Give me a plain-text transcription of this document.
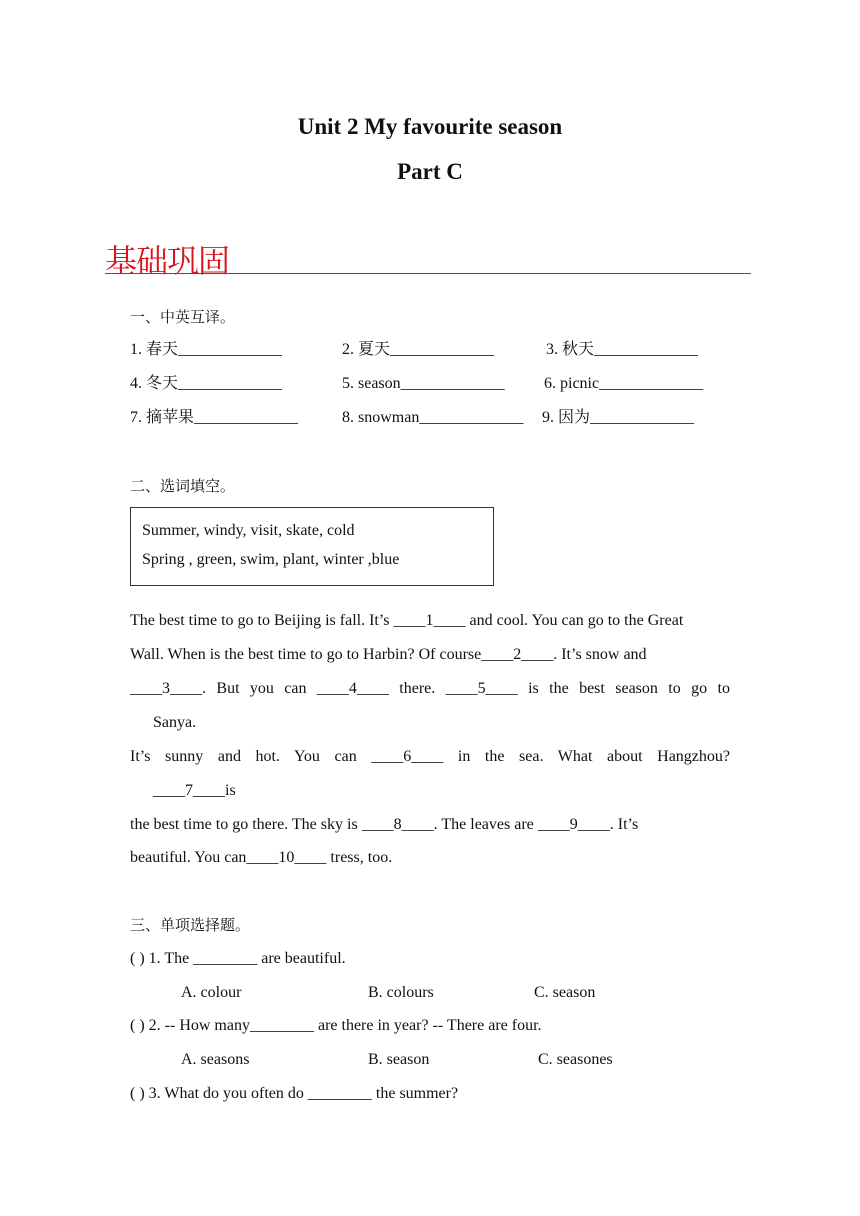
Unit 2 My favourite season
Part C
基础巩固
一、中英互译。
1. 春天_____________	2. 夏天_____________	3. 秋天_____________
4. 冬天_____________	5. season_____________ 6. picnic_____________
7. 摘苹果_____________	8. snowman_____________ 9. 因为_____________
二、选词填空。
Summer, windy, visit, skate, cold
Spring , green, swim, plant, winter ,blue
The best time to go to Beijing is fall. It’s ____1____ and cool. You can go to the Great
Wall. When is the best time to go to Harbin? Of course____2____. It’s snow and
____3____. But you can ____4____ there. ____5____ is the best season to go to
Sanya.
It’s sunny and hot. You can ____6____ in the sea. What about Hangzhou?
____7____is
the best time to go there. The sky is ____8____. The leaves are ____9____. It’s
beautiful. You can____10____ tress, too.
三、单项选择题。
( ) 1. The ________ are beautiful.
A. colour	B. colours	C. season
( ) 2. -- How many________ are there in year? -- There are four.
A. seasons	B. season	C. seasones
( ) 3. What do you often do ________ the summer?
